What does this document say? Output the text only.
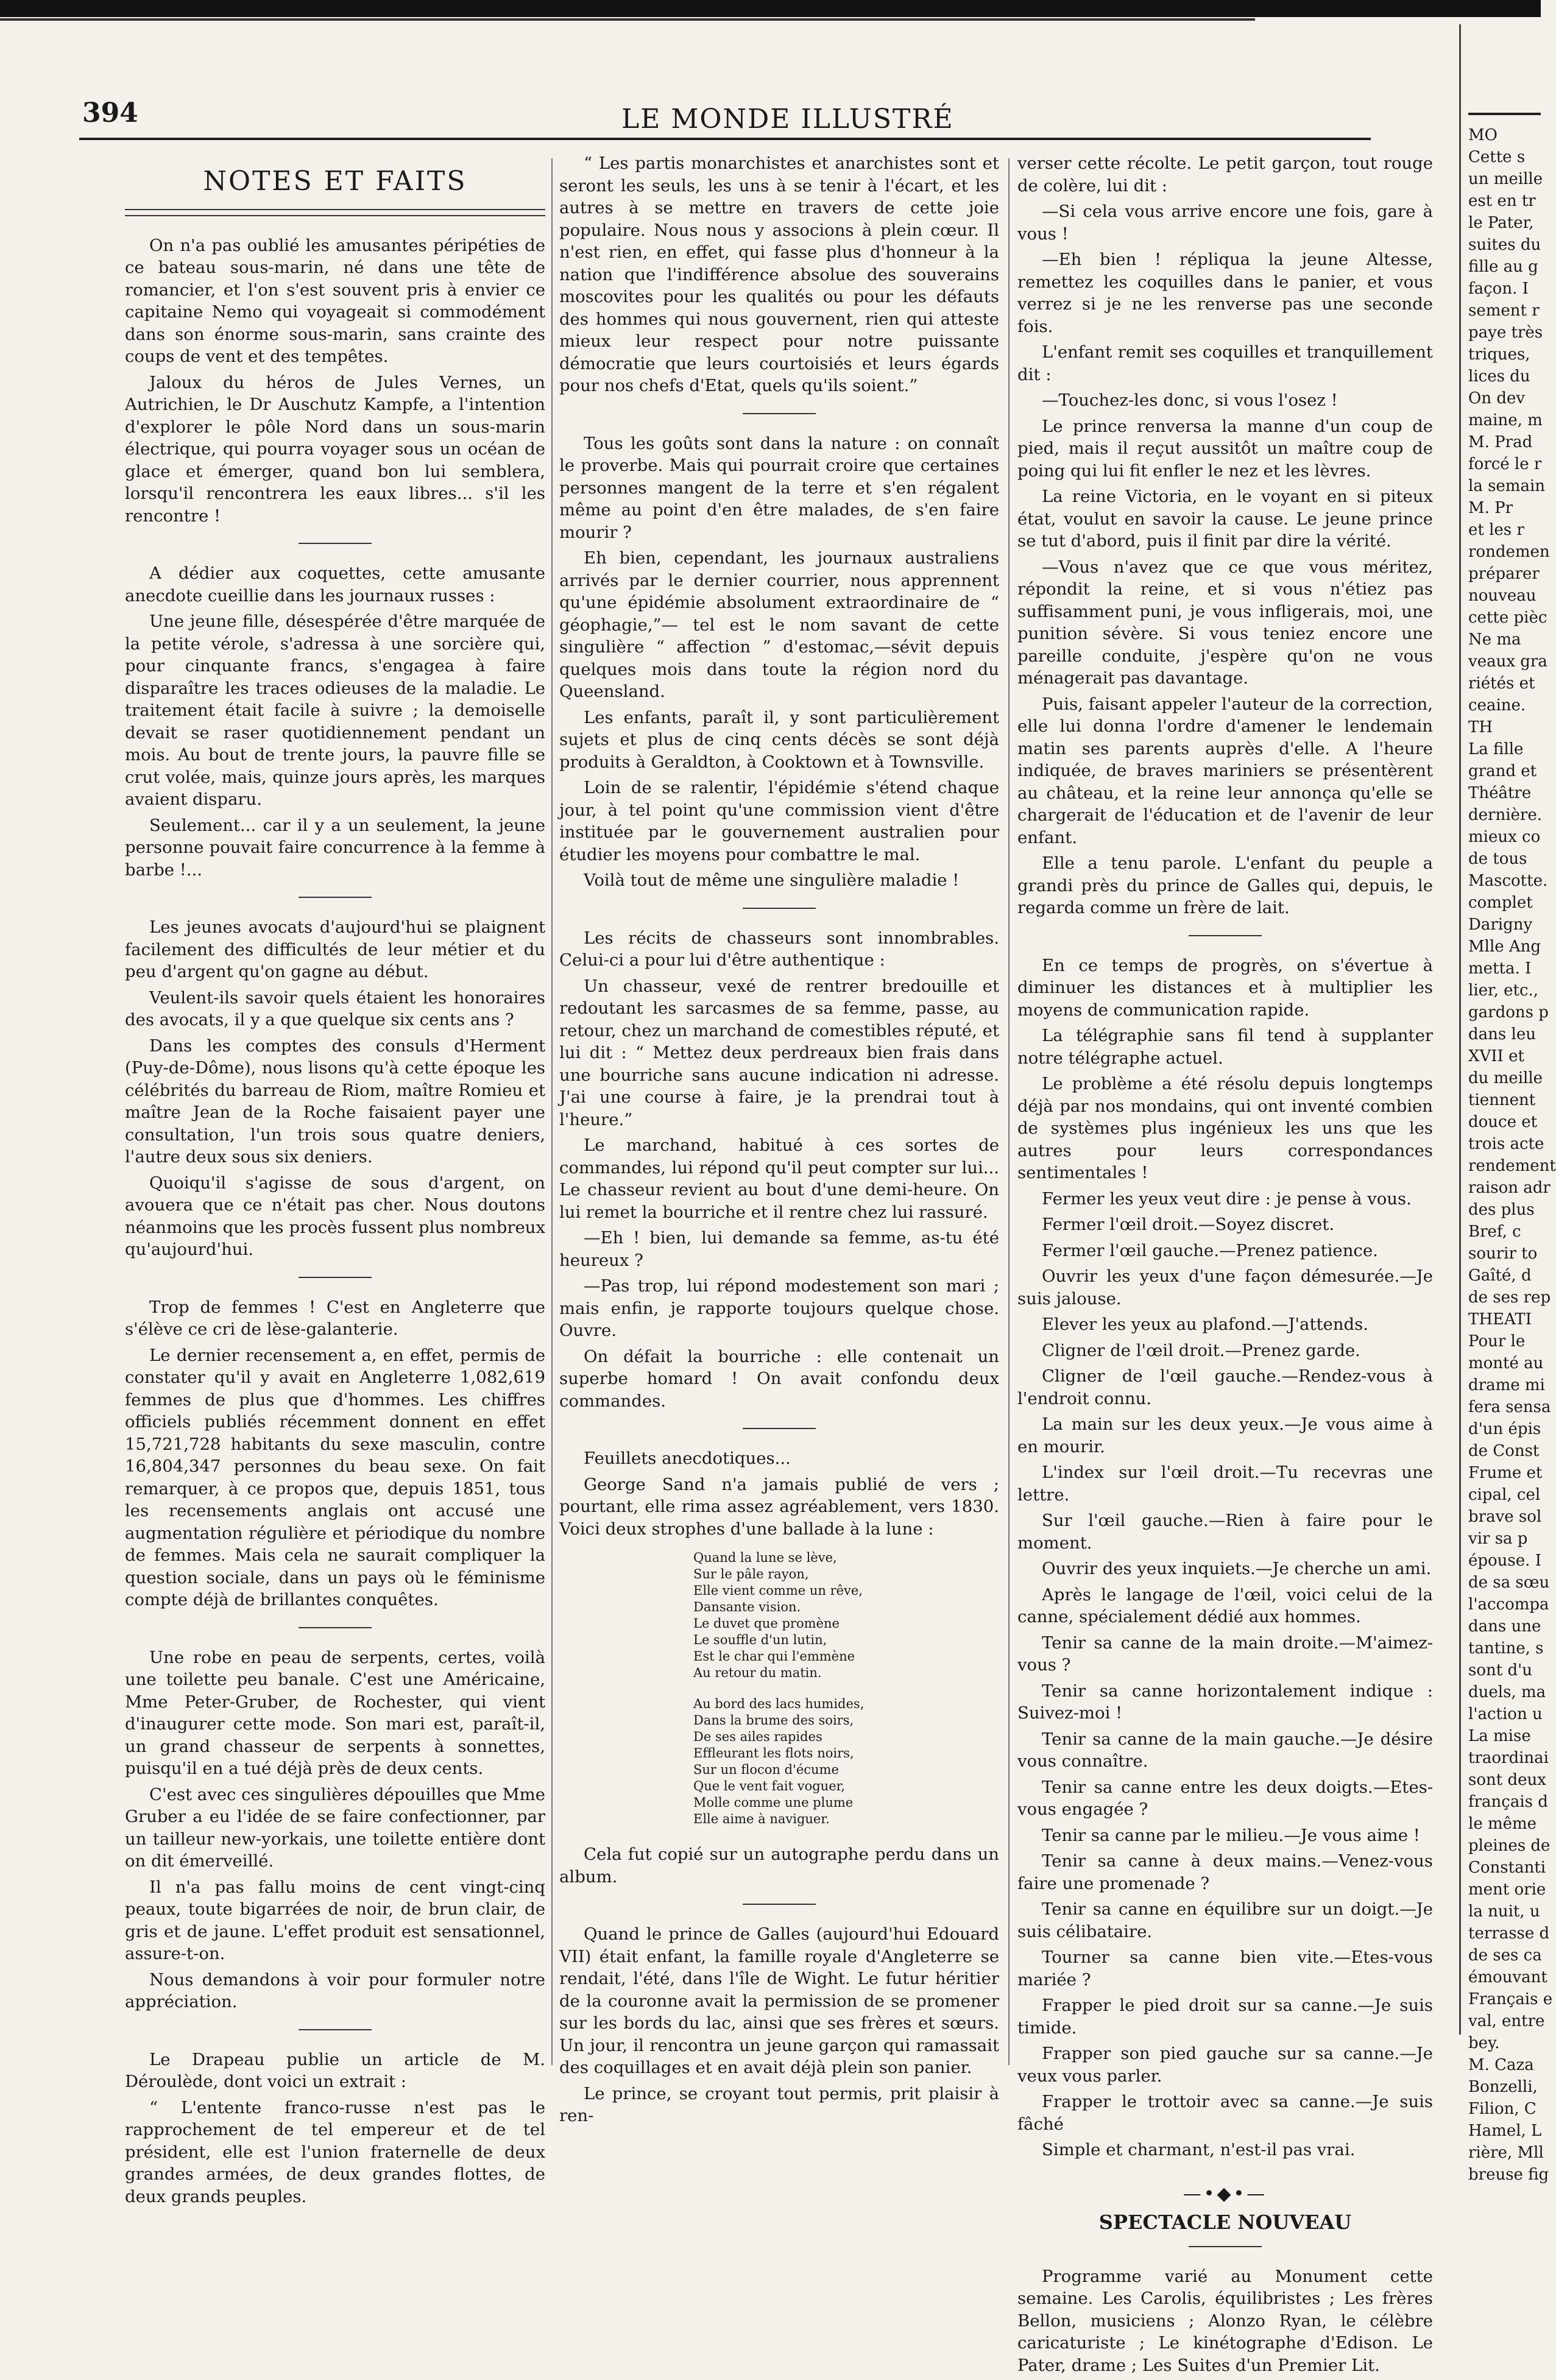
394	LE MONDE ILLUSTRÉ
NOTES ET FAITS

On n'a pas oublié les amusantes péripéties de ce bateau sous-marin, né dans une tête de romancier, et l'on s'est souvent pris à envier ce capitaine Nemo qui voyageait si commodément dans son énorme sous-marin, sans crainte des coups de vent et des tempêtes.

Jaloux du héros de Jules Vernes, un Autrichien, le Dr Auschutz Kampfe, a l'intention d'explorer le pôle Nord dans un sous-marin électrique, qui pourra voyager sous un océan de glace et émerger, quand bon lui semblera, lorsqu'il rencontrera les eaux libres... s'il les rencontre !

A dédier aux coquettes, cette amusante anecdote cueillie dans les journaux russes :

Une jeune fille, désespérée d'être marquée de la petite vérole, s'adressa à une sorcière qui, pour cinquante francs, s'engagea à faire disparaître les traces odieuses de la maladie. Le traitement était facile à suivre ; la demoiselle devait se raser quotidiennement pendant un mois. Au bout de trente jours, la pauvre fille se crut volée, mais, quinze jours après, les marques avaient disparu.

Seulement... car il y a un seulement, la jeune personne pouvait faire concurrence à la femme à barbe !...

Les jeunes avocats d'aujourd'hui se plaignent facilement des difficultés de leur métier et du peu d'argent qu'on gagne au début.

Veulent-ils savoir quels étaient les honoraires des avocats, il y a que quelque six cents ans ?

Dans les comptes des consuls d'Herment (Puy-de-Dôme), nous lisons qu'à cette époque les célébrités du barreau de Riom, maître Romieu et maître Jean de la Roche faisaient payer une consultation, l'un trois sous quatre deniers, l'autre deux sous six deniers.

Quoiqu'il s'agisse de sous d'argent, on avouera que ce n'était pas cher. Nous doutons néanmoins que les procès fussent plus nombreux qu'aujourd'hui.

Trop de femmes ! C'est en Angleterre que s'élève ce cri de lèse-galanterie.

Le dernier recensement a, en effet, permis de constater qu'il y avait en Angleterre 1,082,619 femmes de plus que d'hommes. Les chiffres officiels publiés récemment donnent en effet 15,721,728 habitants du sexe masculin, contre 16,804,347 personnes du beau sexe. On fait remarquer, à ce propos que, depuis 1851, tous les recensements anglais ont accusé une augmentation régulière et périodique du nombre de femmes. Mais cela ne saurait compliquer la question sociale, dans un pays où le féminisme compte déjà de brillantes conquêtes.

Une robe en peau de serpents, certes, voilà une toilette peu banale. C'est une Américaine, Mme Peter-Gruber, de Rochester, qui vient d'inaugurer cette mode. Son mari est, paraît-il, un grand chasseur de serpents à sonnettes, puisqu'il en a tué déjà près de deux cents.

C'est avec ces singulières dépouilles que Mme Gruber a eu l'idée de se faire confectionner, par un tailleur new-yorkais, une toilette entière dont on dit émerveillé.

Il n'a pas fallu moins de cent vingt-cinq peaux, toute bigarrées de noir, de brun clair, de gris et de jaune. L'effet produit est sensationnel, assure-t-on.

Nous demandons à voir pour formuler notre appréciation.

Le Drapeau publie un article de M. Déroulède, dont voici un extrait :

“ L'entente franco-russe n'est pas le rapprochement de tel empereur et de tel président, elle est l'union fraternelle de deux grandes armées, de deux grandes flottes, de deux grands peuples.

“ Les partis monarchistes et anarchistes sont et seront les seuls, les uns à se tenir à l'écart, et les autres à se mettre en travers de cette joie populaire. Nous nous y associons à plein cœur. Il n'est rien, en effet, qui fasse plus d'honneur à la nation que l'indifférence absolue des souverains moscovites pour les qualités ou pour les défauts des hommes qui nous gouvernent, rien qui atteste mieux leur respect pour notre puissante démocratie que leurs courtoisiés et leurs égards pour nos chefs d'Etat, quels qu'ils soient.”

Tous les goûts sont dans la nature : on connaît le proverbe. Mais qui pourrait croire que certaines personnes mangent de la terre et s'en régalent même au point d'en être malades, de s'en faire mourir ?

Eh bien, cependant, les journaux australiens arrivés par le dernier courrier, nous apprennent qu'une épidémie absolument extraordinaire de “ géophagie,”— tel est le nom savant de cette singulière “ affection ” d'estomac,—sévit depuis quelques mois dans toute la région nord du Queensland.

Les enfants, paraît il, y sont particulièrement sujets et plus de cinq cents décès se sont déjà produits à Geraldton, à Cooktown et à Townsville.

Loin de se ralentir, l'épidémie s'étend chaque jour, à tel point qu'une commission vient d'être instituée par le gouvernement australien pour étudier les moyens pour combattre le mal.

Voilà tout de même une singulière maladie !

Les récits de chasseurs sont innombrables. Celui-ci a pour lui d'être authentique :

Un chasseur, vexé de rentrer bredouille et redoutant les sarcasmes de sa femme, passe, au retour, chez un marchand de comestibles réputé, et lui dit : “ Mettez deux perdreaux bien frais dans une bourriche sans aucune indication ni adresse. J'ai une course à faire, je la prendrai tout à l'heure.”

Le marchand, habitué à ces sortes de commandes, lui répond qu'il peut compter sur lui... Le chasseur revient au bout d'une demi-heure. On lui remet la bourriche et il rentre chez lui rassuré.

—Eh ! bien, lui demande sa femme, as-tu été heureux ?

—Pas trop, lui répond modestement son mari ; mais enfin, je rapporte toujours quelque chose. Ouvre.

On défait la bourriche : elle contenait un superbe homard ! On avait confondu deux commandes.

Feuillets anecdotiques...

George Sand n'a jamais publié de vers ; pourtant, elle rima assez agréablement, vers 1830. Voici deux strophes d'une ballade à la lune :

Quand la lune se lève,
Sur le pâle rayon,
Elle vient comme un rêve,
Dansante vision.
Le duvet que promène
Le souffle d'un lutin,
Est le char qui l'emmène
Au retour du matin.
Au bord des lacs humides,
Dans la brume des soirs,
De ses ailes rapides
Effleurant les flots noirs,
Sur un flocon d'écume
Que le vent fait voguer,
Molle comme une plume
Elle aime à naviguer.

Cela fut copié sur un autographe perdu dans un album.

Quand le prince de Galles (aujourd'hui Edouard VII) était enfant, la famille royale d'Angleterre se rendait, l'été, dans l'île de Wight. Le futur héritier de la couronne avait la permission de se promener sur les bords du lac, ainsi que ses frères et sœurs. Un jour, il rencontra un jeune garçon qui ramassait des coquillages et en avait déjà plein son panier.

Le prince, se croyant tout permis, prit plaisir à ren-

verser cette récolte. Le petit garçon, tout rouge de colère, lui dit :

—Si cela vous arrive encore une fois, gare à vous !

—Eh bien ! répliqua la jeune Altesse, remettez les coquilles dans le panier, et vous verrez si je ne les renverse pas une seconde fois.

L'enfant remit ses coquilles et tranquillement dit :

—Touchez-les donc, si vous l'osez !

Le prince renversa la manne d'un coup de pied, mais il reçut aussitôt un maître coup de poing qui lui fit enfler le nez et les lèvres.

La reine Victoria, en le voyant en si piteux état, voulut en savoir la cause. Le jeune prince se tut d'abord, puis il finit par dire la vérité.

—Vous n'avez que ce que vous méritez, répondit la reine, et si vous n'étiez pas suffisamment puni, je vous infligerais, moi, une punition sévère. Si vous teniez encore une pareille conduite, j'espère qu'on ne vous ménagerait pas davantage.

Puis, faisant appeler l'auteur de la correction, elle lui donna l'ordre d'amener le lendemain matin ses parents auprès d'elle. A l'heure indiquée, de braves mariniers se présentèrent au château, et la reine leur annonça qu'elle se chargerait de l'éducation et de l'avenir de leur enfant.

Elle a tenu parole. L'enfant du peuple a grandi près du prince de Galles qui, depuis, le regarda comme un frère de lait.

En ce temps de progrès, on s'évertue à diminuer les distances et à multiplier les moyens de communication rapide.

La télégraphie sans fil tend à supplanter notre télégraphe actuel.

Le problème a été résolu depuis longtemps déjà par nos mondains, qui ont inventé combien de systèmes plus ingénieux les uns que les autres pour leurs correspondances sentimentales !

Fermer les yeux veut dire : je pense à vous.

Fermer l'œil droit.—Soyez discret.

Fermer l'œil gauche.—Prenez patience.

Ouvrir les yeux d'une façon démesurée.—Je suis jalouse.

Elever les yeux au plafond.—J'attends.

Cligner de l'œil droit.—Prenez garde.

Cligner de l'œil gauche.—Rendez-vous à l'endroit connu.

La main sur les deux yeux.—Je vous aime à en mourir.

L'index sur l'œil droit.—Tu recevras une lettre.

Sur l'œil gauche.—Rien à faire pour le moment.

Ouvrir des yeux inquiets.—Je cherche un ami.

Après le langage de l'œil, voici celui de la canne, spécialement dédié aux hommes.

Tenir sa canne de la main droite.—M'aimez-vous ?

Tenir sa canne horizontalement indique : Suivez-moi !

Tenir sa canne de la main gauche.—Je désire vous connaître.

Tenir sa canne entre les deux doigts.—Etes-vous engagée ?

Tenir sa canne par le milieu.—Je vous aime !

Tenir sa canne à deux mains.—Venez-vous faire une promenade ?

Tenir sa canne en équilibre sur un doigt.—Je suis célibataire.

Tourner sa canne bien vite.—Etes-vous mariée ?

Frapper le pied droit sur sa canne.—Je suis timide.

Frapper son pied gauche sur sa canne.—Je veux vous parler.

Frapper le trottoir avec sa canne.—Je suis fâché

Simple et charmant, n'est-il pas vrai.

—•◆•—
SPECTACLE NOUVEAU

Programme varié au Monument cette semaine. Les Carolis, équilibristes ; Les frères Bellon, musiciens ; Alonzo Ryan, le célèbre caricaturiste ; Le kinétographe d'Edison. Le Pater, drame ; Les Suites d'un Premier Lit.

MO
Cette s
un meille
est en tr
le Pater,
suites du
fille au g
façon. I
sement r
paye très
triques,
lices du
On dev
maine, m
M. Prad
forcé le r
la semain
M. Pr
et les r
rondemen
préparer
nouveau
cette pièc
Ne ma
veaux gra
riétés et
ceaine.
TH
La fille
grand et
Théâtre
dernière.
mieux co
de tous
Mascotte.
complet
Darigny
Mlle Ang
metta. I
lier, etc.,
gardons p
dans leu
XVII et
du meille
tiennent
douce et
trois acte
rendement
raison adr
des plus
Bref, c
sourir to
Gaîté, d
de ses rep
THEATI
Pour le
monté au
drame mi
fera sensa
d'un épis
de Const
Frume et
cipal, cel
brave sol
vir sa p
épouse. I
de sa sœu
l'accompa
dans une
tantine, s
sont d'u
duels, ma
l'action u
La mise
traordinai
sont deux
français d
le même
pleines de
Constanti
ment orie
la nuit, u
terrasse d
de ses ca
émouvant
Français e
val, entre
bey.
M. Caza
Bonzelli,
Filion, C
Hamel, L
rière, Mll
breuse fig
